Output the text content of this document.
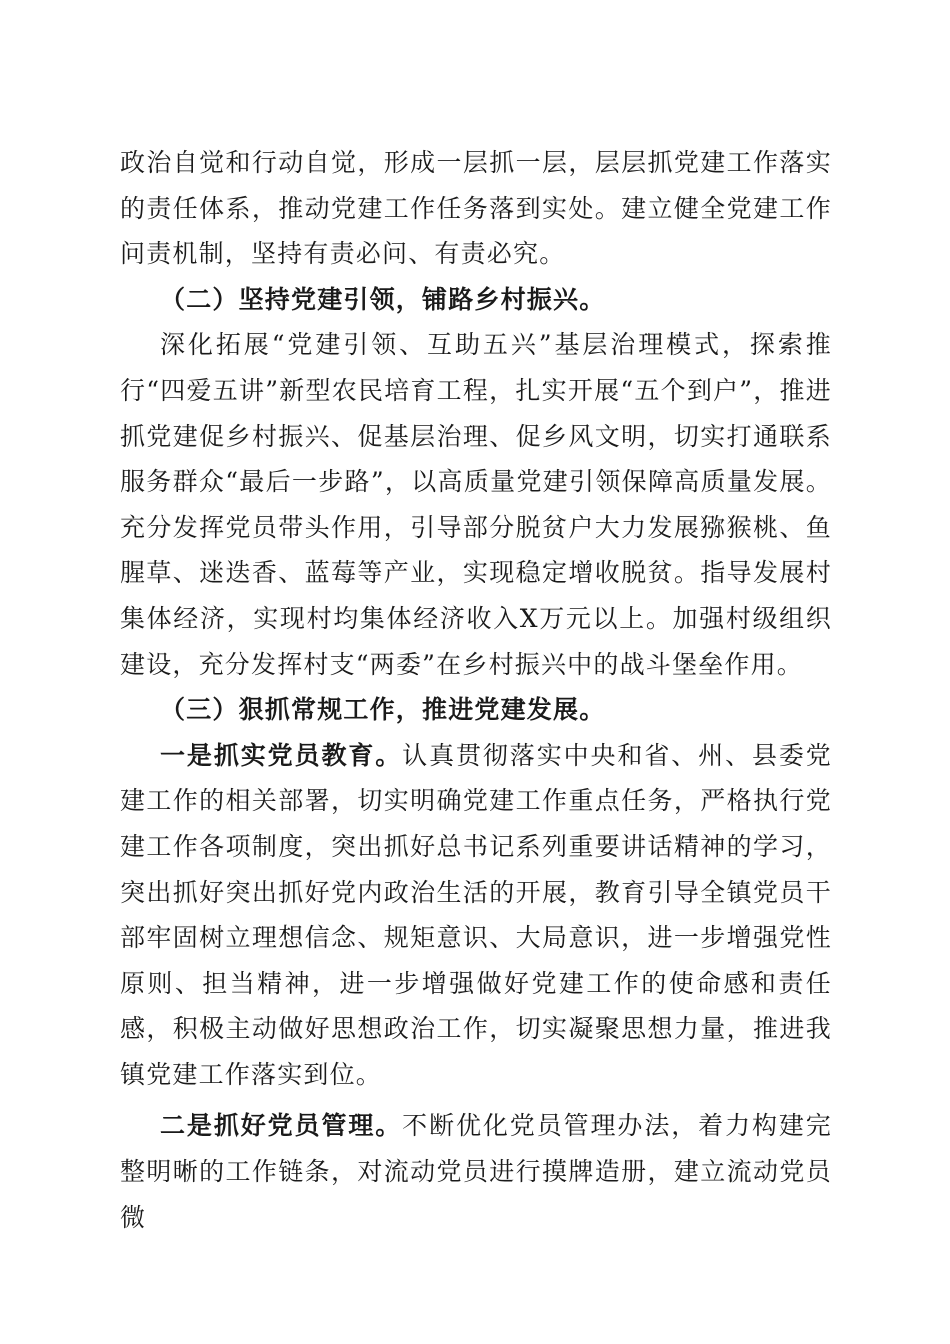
政治自觉和行动自觉，形成一层抓一层，层层抓党建工作落实的责任体系，推动党建工作任务落到实处。建立健全党建工作问责机制，坚持有责必问、有责必究。

（二）坚持党建引领，铺路乡村振兴。

深化拓展“党建引领、互助五兴”基层治理模式，探索推行“四爱五讲”新型农民培育工程，扎实开展“五个到户”，推进抓党建促乡村振兴、促基层治理、促乡风文明，切实打通联系服务群众“最后一步路”，以高质量党建引领保障高质量发展。充分发挥党员带头作用，引导部分脱贫户大力发展猕猴桃、鱼腥草、迷迭香、蓝莓等产业，实现稳定增收脱贫。指导发展村集体经济，实现村均集体经济收入X万元以上。加强村级组织建设，充分发挥村支“两委”在乡村振兴中的战斗堡垒作用。

（三）狠抓常规工作，推进党建发展。

一是抓实党员教育。认真贯彻落实中央和省、州、县委党建工作的相关部署，切实明确党建工作重点任务，严格执行党建工作各项制度，突出抓好总书记系列重要讲话精神的学习，突出抓好突出抓好党内政治生活的开展，教育引导全镇党员干部牢固树立理想信念、规矩意识、大局意识，进一步增强党性原则、担当精神，进一步增强做好党建工作的使命感和责任感，积极主动做好思想政治工作，切实凝聚思想力量，推进我镇党建工作落实到位。

二是抓好党员管理。不断优化党员管理办法，着力构建完整明晰的工作链条，对流动党员进行摸牌造册，建立流动党员微
